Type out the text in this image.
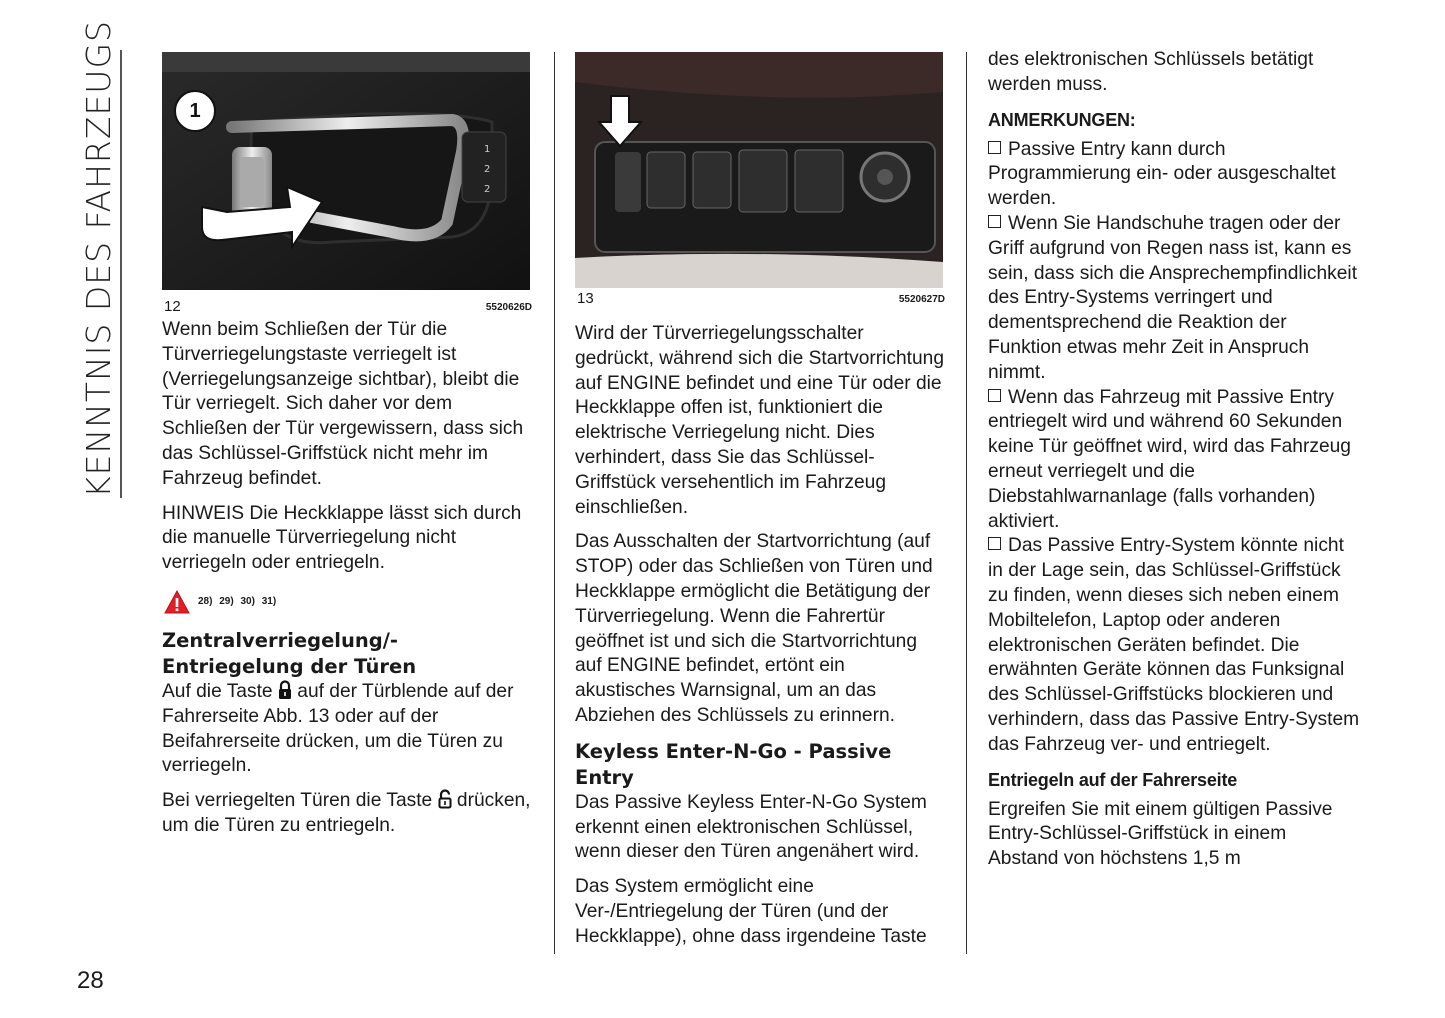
KENNTNIS DES FAHRZEUGS	1
2
2
1
12	5520626D

Wenn beim Schließen der Tür die Türverriegelungstaste verriegelt ist (Verriegelungsanzeige sichtbar), bleibt die Tür verriegelt. Sich daher vor dem Schließen der Tür vergewissern, dass sich das Schlüssel-Griffstück nicht mehr im Fahrzeug befindet.

HINWEIS Die Heckklappe lässt sich durch die manuelle Türverriegelung nicht verriegeln oder entriegeln.

28) 29) 30) 31)
Zentralverriegelung/-Entriegelung der Türen

Auf die Taste auf der Türblende auf der Fahrerseite Abb. 13 oder auf der Beifahrerseite drücken, um die Türen zu verriegeln.

Bei verriegelten Türen die Taste drücken, um die Türen zu entriegeln.

13	5520627D

Wird der Türverriegelungsschalter gedrückt, während sich die Startvorrichtung auf ENGINE befindet und eine Tür oder die Heckklappe offen ist, funktioniert die elektrische Verriegelung nicht. Dies verhindert, dass Sie das Schlüssel-Griffstück versehentlich im Fahrzeug einschließen.

Das Ausschalten der Startvorrichtung (auf STOP) oder das Schließen von Türen und Heckklappe ermöglicht die Betätigung der Türverriegelung. Wenn die Fahrertür geöffnet ist und sich die Startvorrichtung auf ENGINE befindet, ertönt ein akustisches Warnsignal, um an das Abziehen des Schlüssels zu erinnern.

Keyless Enter-N-Go - Passive Entry

Das Passive Keyless Enter-N-Go System erkennt einen elektronischen Schlüssel, wenn dieser den Türen angenähert wird.

Das System ermöglicht eine Ver-/Entriegelung der Türen (und der Heckklappe), ohne dass irgendeine Taste

des elektronischen Schlüssels betätigt werden muss.

ANMERKUNGEN:

Passive Entry kann durch Programmierung ein- oder ausgeschaltet werden.

Wenn Sie Handschuhe tragen oder der Griff aufgrund von Regen nass ist, kann es sein, dass sich die Ansprechempfindlichkeit des Entry-Systems verringert und dementsprechend die Reaktion der Funktion etwas mehr Zeit in Anspruch nimmt.

Wenn das Fahrzeug mit Passive Entry entriegelt wird und während 60 Sekunden keine Tür geöffnet wird, wird das Fahrzeug erneut verriegelt und die Diebstahlwarnanlage (falls vorhanden) aktiviert.

Das Passive Entry-System könnte nicht in der Lage sein, das Schlüssel-Griffstück zu finden, wenn dieses sich neben einem Mobiltelefon, Laptop oder anderen elektronischen Geräten befindet. Die erwähnten Geräte können das Funksignal des Schlüssel-Griffstücks blockieren und verhindern, dass das Passive Entry-System das Fahrzeug ver- und entriegelt.

Entriegeln auf der Fahrerseite

Ergreifen Sie mit einem gültigen Passive Entry-Schlüssel-Griffstück in einem Abstand von höchstens 1,5 m

28
